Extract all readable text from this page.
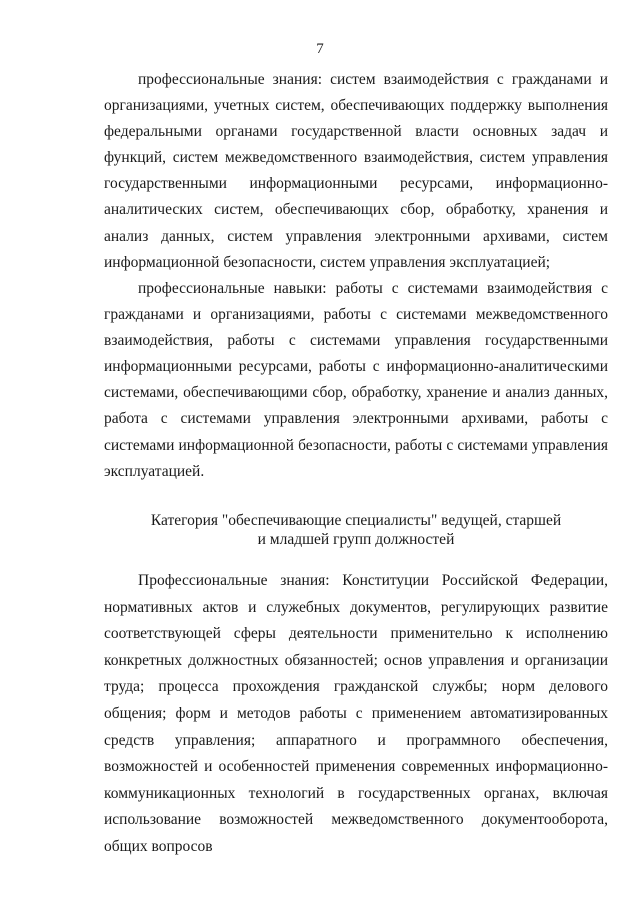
7

профессиональные знания: систем взаимодействия с гражданами и организациями, учетных систем, обеспечивающих поддержку выполнения федеральными органами государственной власти основных задач и функций, систем межведомственного взаимодействия, систем управления государственными информационными ресурсами, информационно-аналитических систем, обеспечивающих сбор, обработку, хранения и анализ данных, систем управления электронными архивами, систем информационной безопасности, систем управления эксплуатацией;

профессиональные навыки: работы с системами взаимодействия с гражданами и организациями, работы с системами межведомственного взаимодействия, работы с системами управления государственными информационными ресурсами, работы с информационно-аналитическими системами, обеспечивающими сбор, обработку, хранение и анализ данных, работа с системами управления электронными архивами, работы с системами информационной безопасности, работы с системами управления эксплуатацией.

Категория "обеспечивающие специалисты" ведущей, старшей
и младшей групп должностей

Профессиональные знания: Конституции Российской Федерации, нормативных актов и служебных документов, регулирующих развитие соответствующей сферы деятельности применительно к исполнению конкретных должностных обязанностей; основ управления и организации труда; процесса прохождения гражданской службы; норм делового общения; форм и методов работы с применением автоматизированных средств управления; аппаратного и программного обеспечения, возможностей и особенностей применения современных информационно-коммуникационных технологий в государственных органах, включая использование возможностей межведомственного документооборота, общих вопросов
